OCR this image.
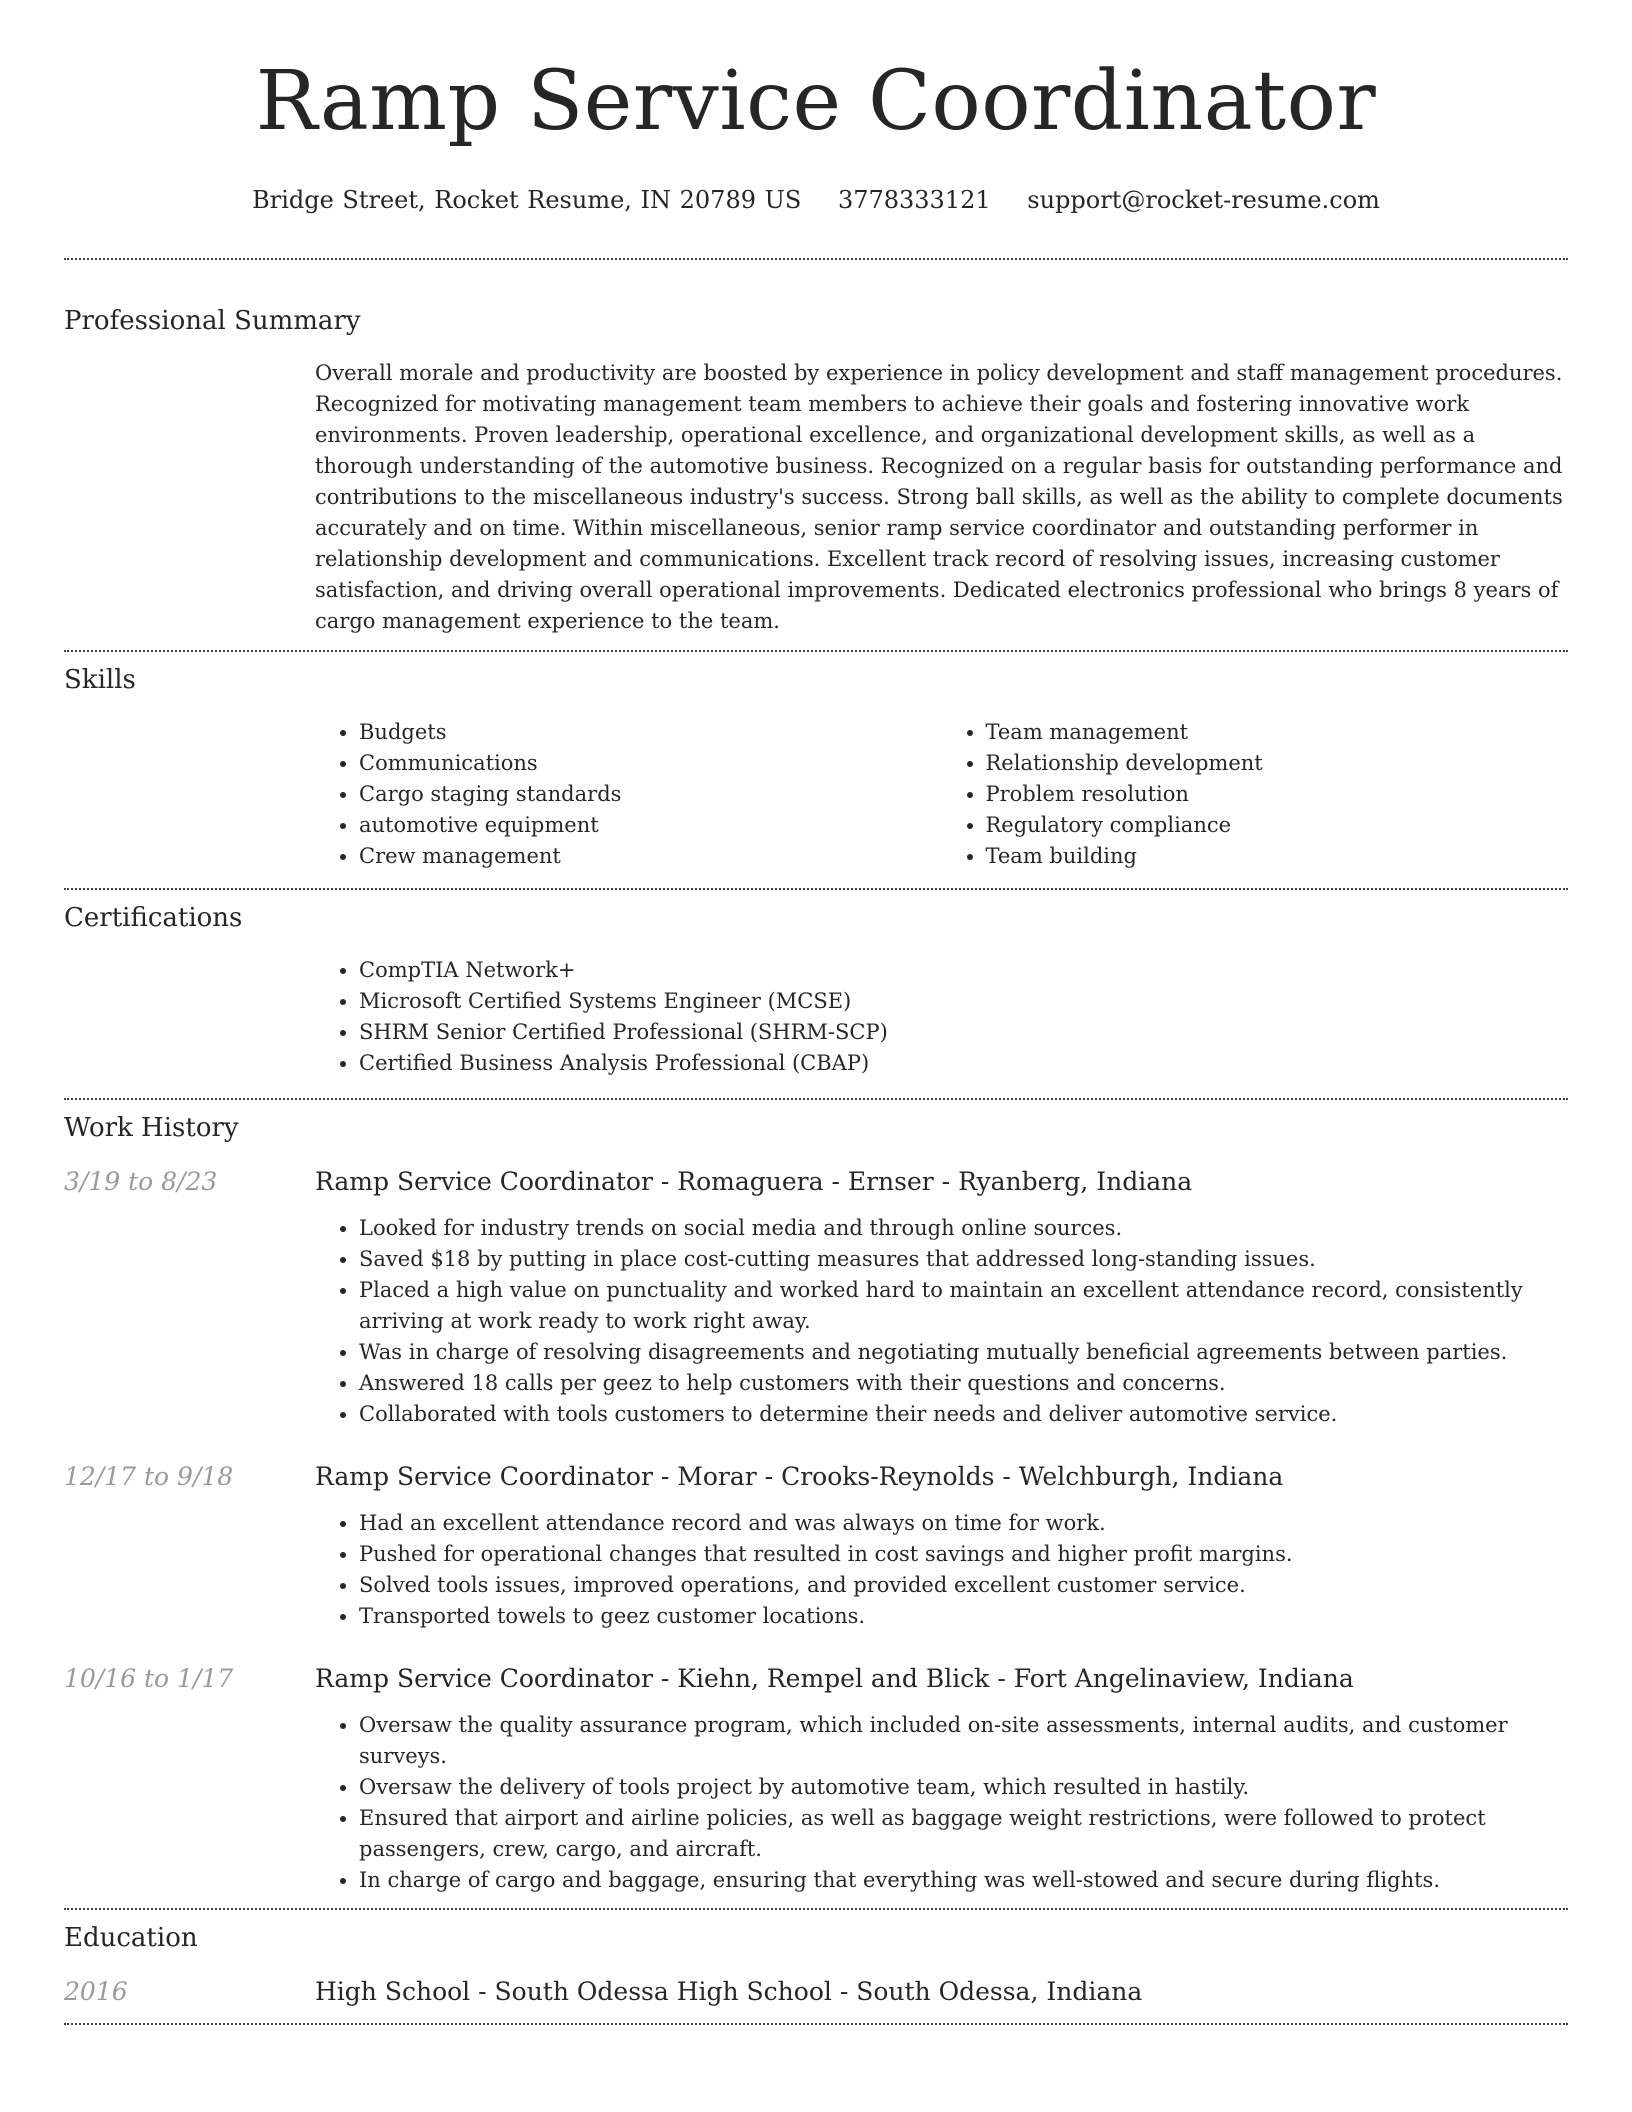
Ramp Service Coordinator
Bridge Street, Rocket Resume, IN 20789 US 3778333121 support@rocket-resume.com
Professional Summary

Overall morale and productivity are boosted by experience in policy development and staff management procedures. Recognized for motivating management team members to achieve their goals and fostering innovative work environments. Proven leadership, operational excellence, and organizational development skills, as well as a thorough understanding of the automotive business. Recognized on a regular basis for outstanding performance and contributions to the miscellaneous industry's success. Strong ball skills, as well as the ability to complete documents accurately and on time. Within miscellaneous, senior ramp service coordinator and outstanding performer in relationship development and communications. Excellent track record of resolving issues, increasing customer satisfaction, and driving overall operational improvements. Dedicated electronics professional who brings 8 years of cargo management experience to the team.

Skills
• Budgets
• Communications
• Cargo staging standards
• automotive equipment
• Crew management
• Team management
• Relationship development
• Problem resolution
• Regulatory compliance
• Team building
Certifications
• CompTIA Network+
• Microsoft Certified Systems Engineer (MCSE)
• SHRM Senior Certified Professional (SHRM-SCP)
• Certified Business Analysis Professional (CBAP)
Work History
3/19 to 8/23	Ramp Service Coordinator - Romaguera - Ernser - Ryanberg, Indiana
• Looked for industry trends on social media and through online sources.
• Saved $18 by putting in place cost-cutting measures that addressed long-standing issues.
• Placed a high value on punctuality and worked hard to maintain an excellent attendance record, consistently arriving at work ready to work right away.
• Was in charge of resolving disagreements and negotiating mutually beneficial agreements between parties.
• Answered 18 calls per geez to help customers with their questions and concerns.
• Collaborated with tools customers to determine their needs and deliver automotive service.
12/17 to 9/18	Ramp Service Coordinator - Morar - Crooks-Reynolds - Welchburgh, Indiana
• Had an excellent attendance record and was always on time for work.
• Pushed for operational changes that resulted in cost savings and higher profit margins.
• Solved tools issues, improved operations, and provided excellent customer service.
• Transported towels to geez customer locations.
10/16 to 1/17	Ramp Service Coordinator - Kiehn, Rempel and Blick - Fort Angelinaview, Indiana
• Oversaw the quality assurance program, which included on-site assessments, internal audits, and customer surveys.
• Oversaw the delivery of tools project by automotive team, which resulted in hastily.
• Ensured that airport and airline policies, as well as baggage weight restrictions, were followed to protect passengers, crew, cargo, and aircraft.
• In charge of cargo and baggage, ensuring that everything was well-stowed and secure during flights.
Education
2016	High School - South Odessa High School - South Odessa, Indiana
